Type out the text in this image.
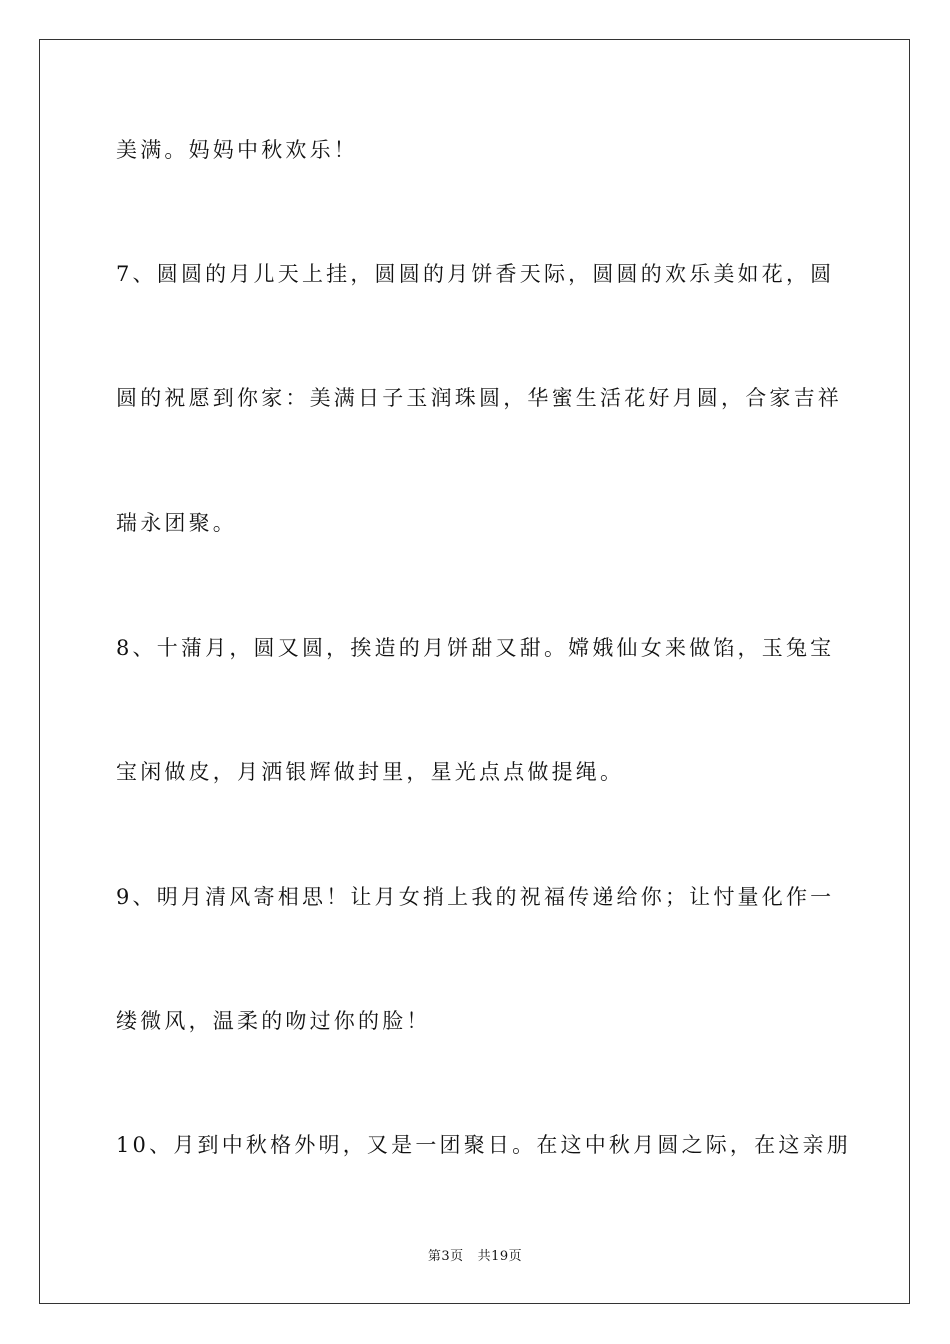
美满。妈妈中秋欢乐！
7、圆圆的月儿天上挂，圆圆的月饼香天际，圆圆的欢乐美如花，圆
圆的祝愿到你家：美满日子玉润珠圆，华蜜生活花好月圆，合家吉祥
瑞永团聚。
8、十蒲月，圆又圆，挨造的月饼甜又甜。嫦娥仙女来做馅，玉兔宝
宝闲做皮，月洒银辉做封里，星光点点做提绳。
9、明月清风寄相思！让月女捎上我的祝福传递给你；让忖量化作一
缕微风，温柔的吻过你的脸！
10、月到中秋格外明，又是一团聚日。在这中秋月圆之际，在这亲朋
第3页 共19页
